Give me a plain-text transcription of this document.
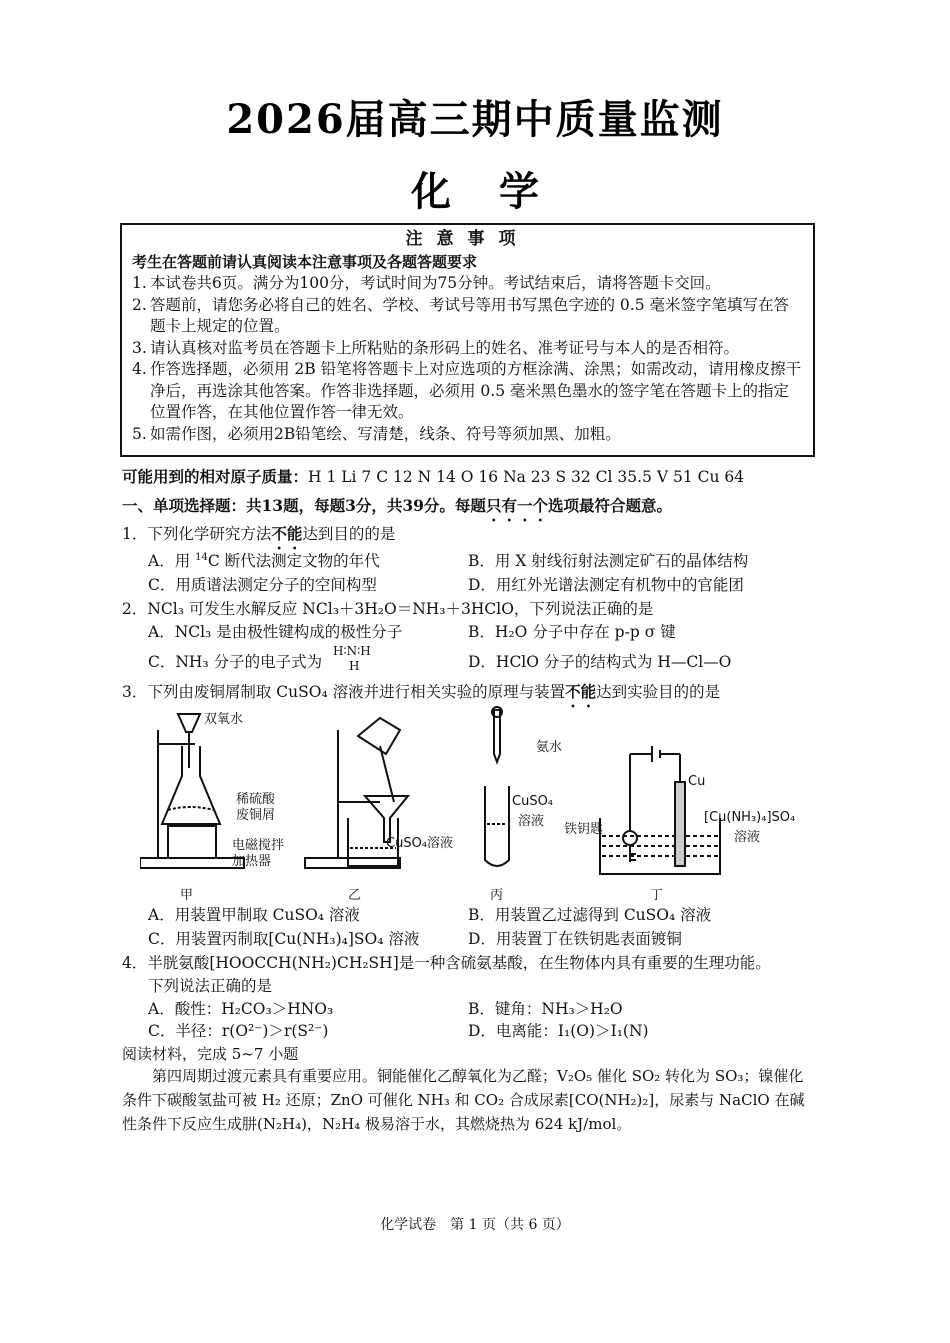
2026届高三期中质量监测
化学
注意事项
考生在答题前请认真阅读本注意事项及各题答题要求
1. 本试卷共6页。满分为100分，考试时间为75分钟。考试结束后，请将答题卡交回。
2. 答题前，请您务必将自己的姓名、学校、考试号等用书写黑色字迹的 0.5 毫米签字笔填写在答题卡上规定的位置。
3. 请认真核对监考员在答题卡上所粘贴的条形码上的姓名、准考证号与本人的是否相符。
4. 作答选择题，必须用 2B 铅笔将答题卡上对应选项的方框涂满、涂黑；如需改动，请用橡皮擦干净后，再选涂其他答案。作答非选择题，必须用 0.5 毫米黑色墨水的签字笔在答题卡上的指定位置作答，在其他位置作答一律无效。
5. 如需作图，必须用2B铅笔绘、写清楚，线条、符号等须加黑、加粗。
可能用到的相对原子质量：H 1 Li 7 C 12 N 14 O 16 Na 23 S 32 Cl 35.5 V 51 Cu 64
一、单项选择题：共13题，每题3分，共39分。每题只有一个选项最符合题意。
1．下列化学研究方法不能达到目的的是
A．用 $^{14}$C 断代法测定文物的年代	B．用 X 射线衍射法测定矿石的晶体结构
C．用质谱法测定分子的空间构型	D．用红外光谱法测定有机物中的官能团
2．NCl₃ 可发生水解反应 NCl₃＋3H₂O＝NH₃＋3HClO，下列说法正确的是
A．NCl₃ 是由极性键构成的极性分子	B．H₂O 分子中存在 p-p σ 键
C．NH₃ 分子的电子式为
H∶N∶H
H	D．HClO 分子的结构式为 H—Cl—O
3．下列由废铜屑制取 CuSO₄ 溶液并进行相关实验的原理与装置不能达到实验目的的是
双氧水
稀硫酸
废铜屑
电磁搅拌
加热器
CuSO₄溶液
氨水
CuSO₄
溶液
Cu
铁钥匙
[Cu(NH₃)₄]SO₄
溶液
甲	乙	丙	丁
A．用装置甲制取 CuSO₄ 溶液	B．用装置乙过滤得到 CuSO₄ 溶液
C．用装置丙制取[Cu(NH₃)₄]SO₄ 溶液	D．用装置丁在铁钥匙表面镀铜
4．半胱氨酸[HOOCCH(NH₂)CH₂SH]是一种含硫氨基酸，在生物体内具有重要的生理功能。
下列说法正确的是
A．酸性：H₂CO₃＞HNO₃	B．键角：NH₃＞H₂O
C．半径：r(O²⁻)＞r(S²⁻)	D．电离能：I₁(O)＞I₁(N)
阅读材料，完成 5~7 小题
第四周期过渡元素具有重要应用。铜能催化乙醇氧化为乙醛；V₂O₅ 催化 SO₂ 转化为 SO₃；镍催化条件下碳酸氢盐可被 H₂ 还原；ZnO 可催化 NH₃ 和 CO₂ 合成尿素[CO(NH₂)₂]，尿素与 NaClO 在碱性条件下反应生成肼(N₂H₄)，N₂H₄ 极易溶于水，其燃烧热为 624 kJ/mol。
化学试卷　第 1 页（共 6 页）
